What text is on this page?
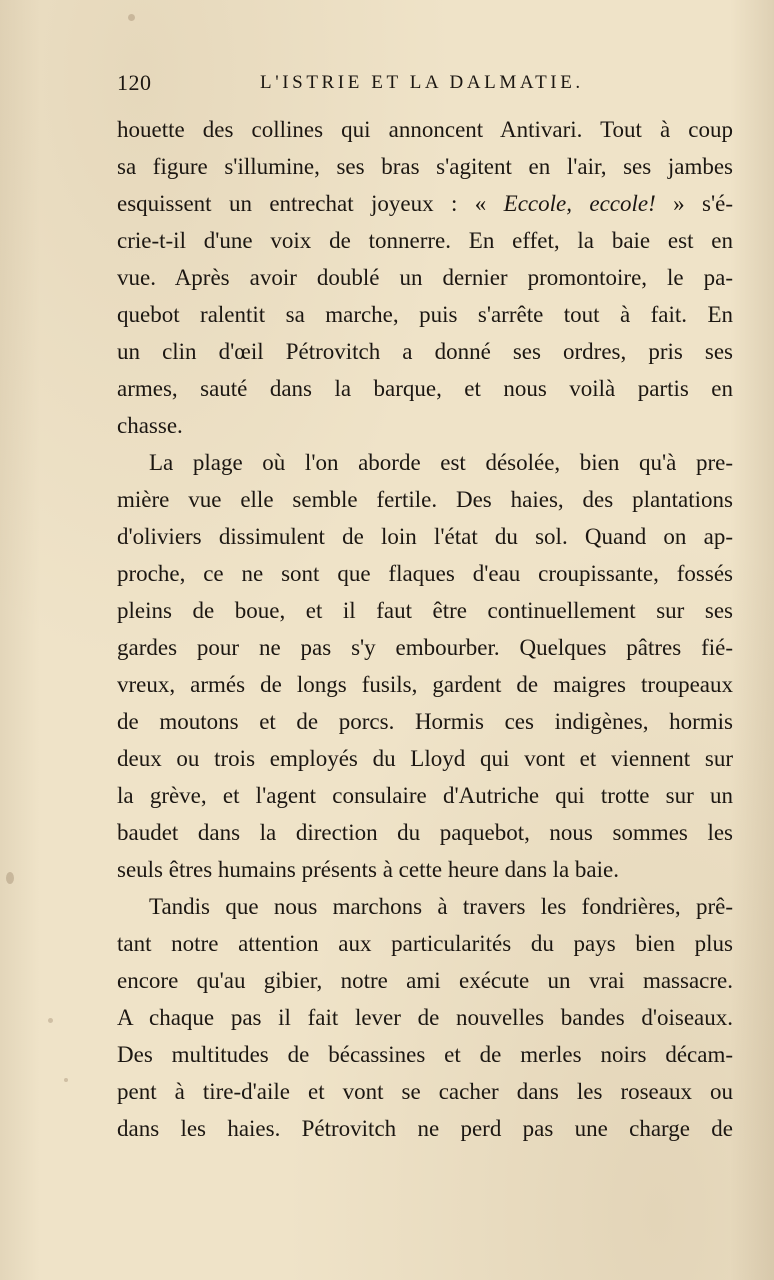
120	L'ISTRIE ET LA DALMATIE.
houette des collines qui annoncent Antivari. Tout à coup
sa figure s'illumine, ses bras s'agitent en l'air, ses jambes
esquissent un entrechat joyeux : « Eccole, eccole! » s'é-
crie-t-il d'une voix de tonnerre. En effet, la baie est en
vue. Après avoir doublé un dernier promontoire, le pa-
quebot ralentit sa marche, puis s'arrête tout à fait. En
un clin d'œil Pétrovitch a donné ses ordres, pris ses
armes, sauté dans la barque, et nous voilà partis en
chasse.
La plage où l'on aborde est désolée, bien qu'à pre-
mière vue elle semble fertile. Des haies, des plantations
d'oliviers dissimulent de loin l'état du sol. Quand on ap-
proche, ce ne sont que flaques d'eau croupissante, fossés
pleins de boue, et il faut être continuellement sur ses
gardes pour ne pas s'y embourber. Quelques pâtres fié-
vreux, armés de longs fusils, gardent de maigres troupeaux
de moutons et de porcs. Hormis ces indigènes, hormis
deux ou trois employés du Lloyd qui vont et viennent sur
la grève, et l'agent consulaire d'Autriche qui trotte sur un
baudet dans la direction du paquebot, nous sommes les
seuls êtres humains présents à cette heure dans la baie.
Tandis que nous marchons à travers les fondrières, prê-
tant notre attention aux particularités du pays bien plus
encore qu'au gibier, notre ami exécute un vrai massacre.
A chaque pas il fait lever de nouvelles bandes d'oiseaux.
Des multitudes de bécassines et de merles noirs décam-
pent à tire-d'aile et vont se cacher dans les roseaux ou
dans les haies. Pétrovitch ne perd pas une charge de
